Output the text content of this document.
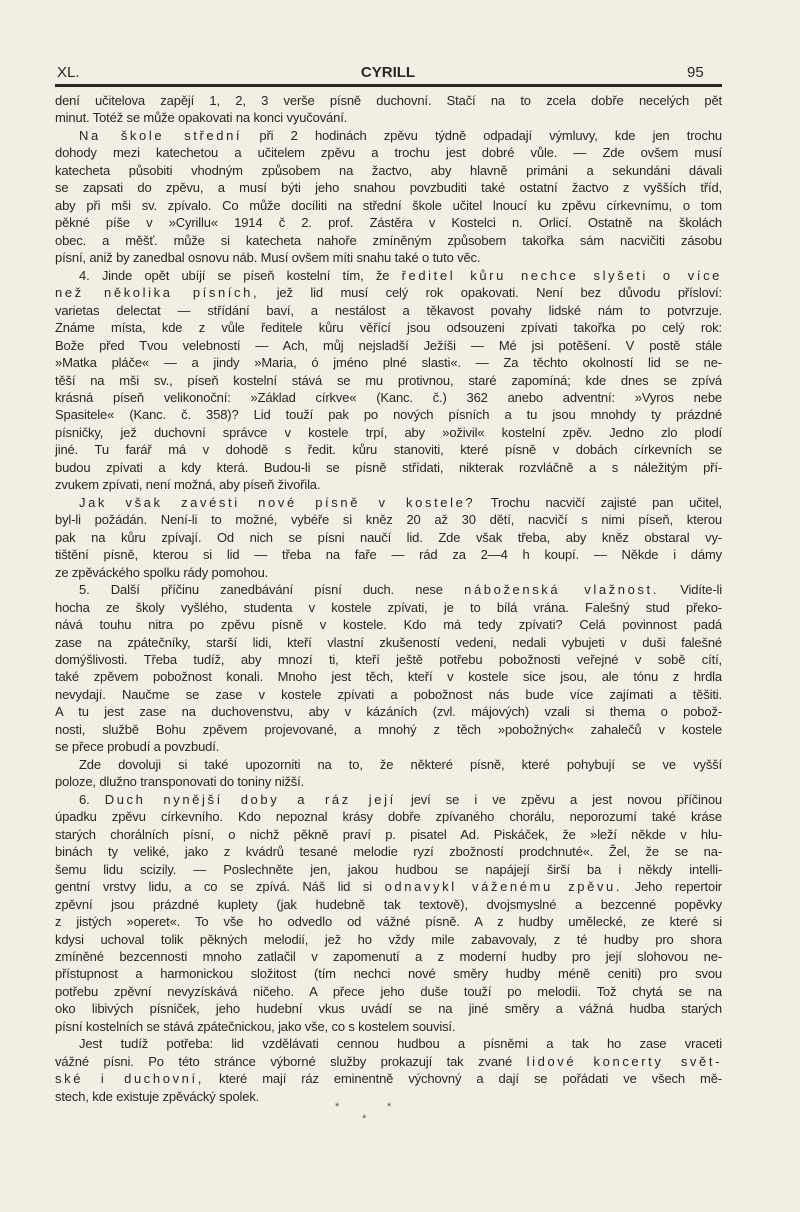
XL.	CYRILL	95
dení učitelova zapějí 1, 2, 3 verše písně duchovní. Stačí na to zcela dobře necelých pět
minut. Totéž se může opakovati na konci vyučování.
Na škole střední při 2 hodinách zpěvu týdně odpadají výmluvy, kde jen trochu
dohody mezi katechetou a učitelem zpěvu a trochu jest dobré vůle. — Zde ovšem musí
katecheta působiti vhodným způsobem na žactvo, aby hlavně primáni a sekundáni dávali
se zapsati do zpěvu, a musí býti jeho snahou povzbuditi také ostatní žactvo z vyšších tříd,
aby při mši sv. zpívalo. Co může docíliti na střední škole učitel lnoucí ku zpěvu církevnímu, o tom
pěkné píše v »Cyrillu« 1914 č 2. prof. Zástěra v Kostelci n. Orlicí. Ostatně na školách
obec. a měšť. může si katecheta nahoře zmíněným způsobem takořka sám nacvičiti zásobu
písní, aniž by zanedbal osnovu náb. Musí ovšem míti snahu také o tuto věc.
4. Jinde opět ubíjí se píseň kostelní tím, že ředitel kůru nechce slyšeti o více
než několika písních, jež lid musí celý rok opakovati. Není bez důvodu přísloví:
varietas delectat — střídání baví, a nestálost a těkavost povahy lidské nám to potvrzuje.
Známe místa, kde z vůle ředitele kůru věřící jsou odsouzeni zpívati takořka po celý rok:
Bože před Tvou velebností — Ach, můj nejsladší Ježíši — Mé jsi potěšení. V postě stále
»Matka pláče« — a jindy »Maria, ó jméno plné slasti«. — Za těchto okolností lid se ne-
těší na mši sv., píseň kostelní stává se mu protivnou, staré zapomíná; kde dnes se zpívá
krásná píseň velikonoční: »Základ církve« (Kanc. č.) 362 anebo adventní: »Vyros nebe
Spasitele« (Kanc. č. 358)? Lid touží pak po nových písních a tu jsou mnohdy ty prázdné
písničky, jež duchovní správce v kostele trpí, aby »oživil« kostelní zpěv. Jedno zlo plodí
jiné. Tu farář má v dohodě s ředit. kůru stanoviti, které písně v dobách církevních se
budou zpívati a kdy která. Budou-li se písně střídati, nikterak rozvláčně a s náležitým pří-
zvukem zpívati, není možná, aby píseň živořila.
Jak však zavésti nové písně v kostele? Trochu nacvičí zajisté pan učitel,
byl-li požádán. Není-li to možné, vybéře si kněz 20 až 30 dětí, nacvičí s nimi píseň, kterou
pak na kůru zpívají. Od nich se písni naučí lid. Zde však třeba, aby kněz obstaral vy-
tištění písně, kterou si lid — třeba na faře — rád za 2—4 h koupí. — Někde i dámy
ze zpěváckého spolku rády pomohou.
5. Další příčinu zanedbávání písní duch. nese náboženská vlažnost. Vidíte-li
hocha ze školy vyšlého, studenta v kostele zpívati, je to bílá vrána. Falešný stud překo-
nává touhu nitra po zpěvu písně v kostele. Kdo má tedy zpívati? Celá povinnost padá
zase na zpátečníky, starší lidi, kteří vlastní zkušeností vedeni, nedali vybujeti v duši falešné
domýšlivosti. Třeba tudíž, aby mnozí ti, kteří ještě potřebu pobožnosti veřejné v sobě cítí,
také zpěvem pobožnost konali. Mnoho jest těch, kteří v kostele sice jsou, ale tónu z hrdla
nevydají. Naučme se zase v kostele zpívati a pobožnost nás bude více zajímati a těšiti.
A tu jest zase na duchovenstvu, aby v kázáních (zvl. májových) vzali si thema o pobož-
nosti, službě Bohu zpěvem projevované, a mnohý z těch »pobožných« zahalečů v kostele
se přece probudí a povzbudí.
Zde dovoluji si také upozorniti na to, že některé písně, které pohybují se ve vyšší
poloze, dlužno transponovati do toniny nižší.
6. Duch nynější doby a ráz její jeví se i ve zpěvu a jest novou příčinou
úpadku zpěvu církevního. Kdo nepoznal krásy dobře zpívaného chorálu, neporozumí také kráse
starých chorálních písní, o nichž pěkně praví p. pisatel Ad. Piskáček, že »leží někde v hlu-
binách ty veliké, jako z kvádrů tesané melodie ryzí zbožností prodchnuté«. Žel, že se na-
šemu lidu scizily. — Poslechněte jen, jakou hudbou se napájejí širší ba i někdy intelli-
gentní vrstvy lidu, a co se zpívá. Náš lid si odnavykl váženému zpěvu. Jeho repertoir
zpěvní jsou prázdné kuplety (jak hudebně tak textově), dvojsmyslné a bezcenné popěvky
z jistých »operet«. To vše ho odvedlo od vážné písně. A z hudby umělecké, ze které si
kdysi uchoval tolik pěkných melodií, jež ho vždy mile zabavovaly, z té hudby pro shora
zmíněné bezcennosti mnoho zatlačil v zapomenutí a z moderní hudby pro její slohovou ne-
přístupnost a harmonickou složitost (tím nechci nové směry hudby méně ceniti) pro svou
potřebu zpěvní nevyzískává ničeho. A přece jeho duše touží po melodii. Tož chytá se na
oko libivých písniček, jeho hudební vkus uvádí se na jiné směry a vážná hudba starých
písní kostelních se stává zpátečnickou, jako vše, co s kostelem souvisí.
Jest tudíž potřeba: lid vzdělávati cennou hudbou a písněmi a tak ho zase vraceti
vážné písni. Po této stránce výborné služby prokazují tak zvané lidové koncerty svět-
ské i duchovní, které mají ráz eminentně výchovný a dají se pořádati ve všech mě-
stech, kde existuje zpěvácký spolek.
*	*
*
